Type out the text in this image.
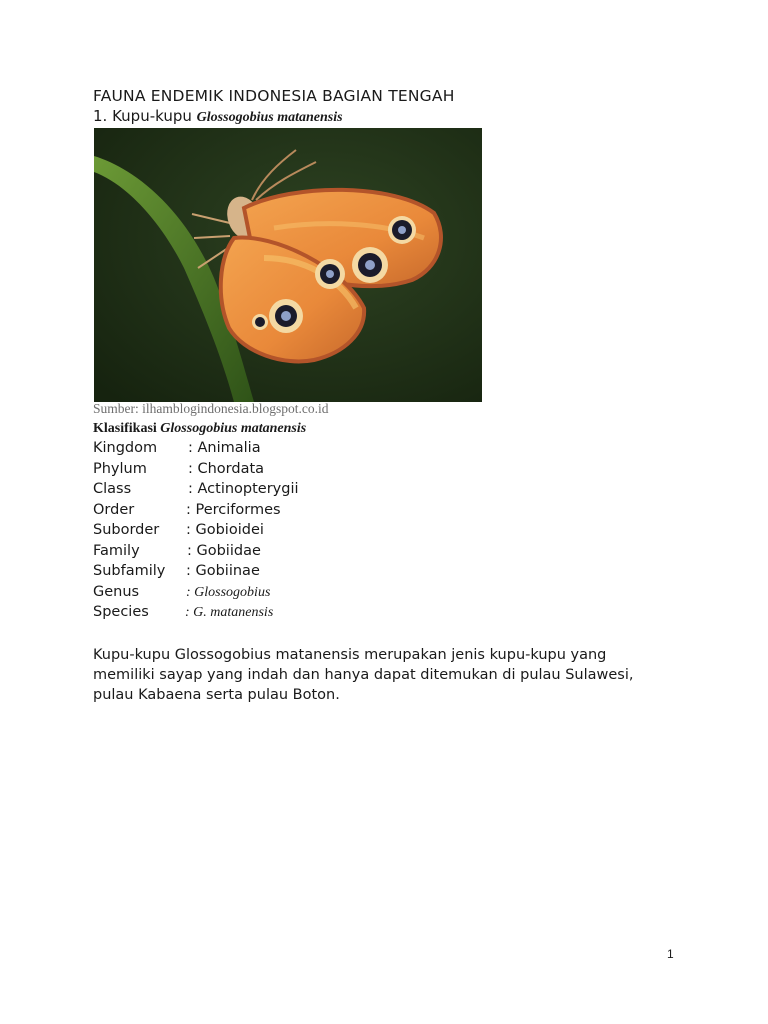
FAUNA ENDEMIK INDONESIA BAGIAN TENGAH
1. Kupu-kupu Glossogobius matanensis
Sumber: ilhamblogindonesia.blogspot.co.id
Klasifikasi Glossogobius matanensis
Kingdom : Animalia
Phylum	: Chordata
Class	: Actinopterygii
Order	: Perciformes
Suborder : Gobioidei
Family	: Gobiidae
Subfamily : Gobiinae
Genus	: Glossogobius
Species	: G. matanensis
Kupu-kupu Glossogobius matanensis merupakan jenis kupu-kupu yang
memiliki sayap yang indah dan hanya dapat ditemukan di pulau Sulawesi,
pulau Kabaena serta pulau Boton.
1
